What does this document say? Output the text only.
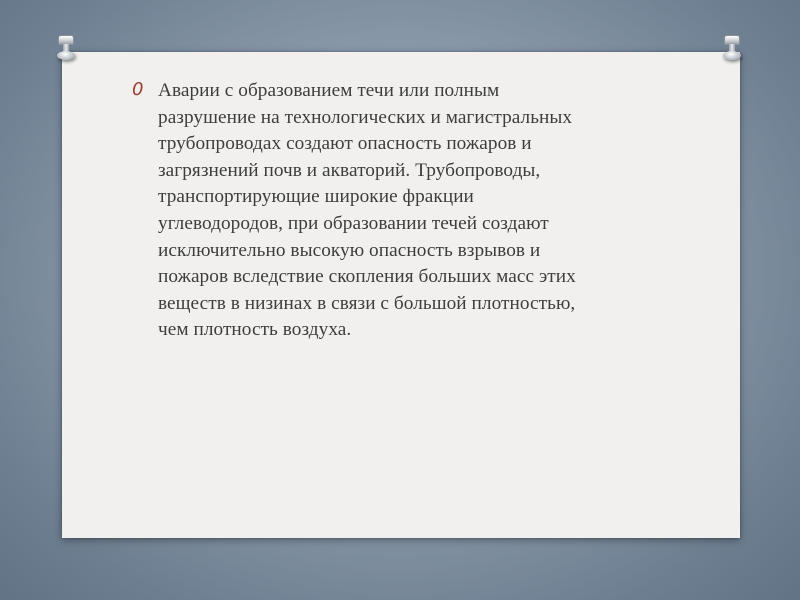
0 Аварии с образованием течи или полным
разрушение на технологических и магистральных
трубопроводах создают опасность пожаров и
загрязнений почв и акваторий. Трубопроводы,
транспортирующие широкие фракции
углеводородов, при образовании течей создают
исключительно высокую опасность взрывов и
пожаров вследствие скопления больших масс этих
веществ в низинах в связи с большой плотностью,
чем плотность воздуха.
